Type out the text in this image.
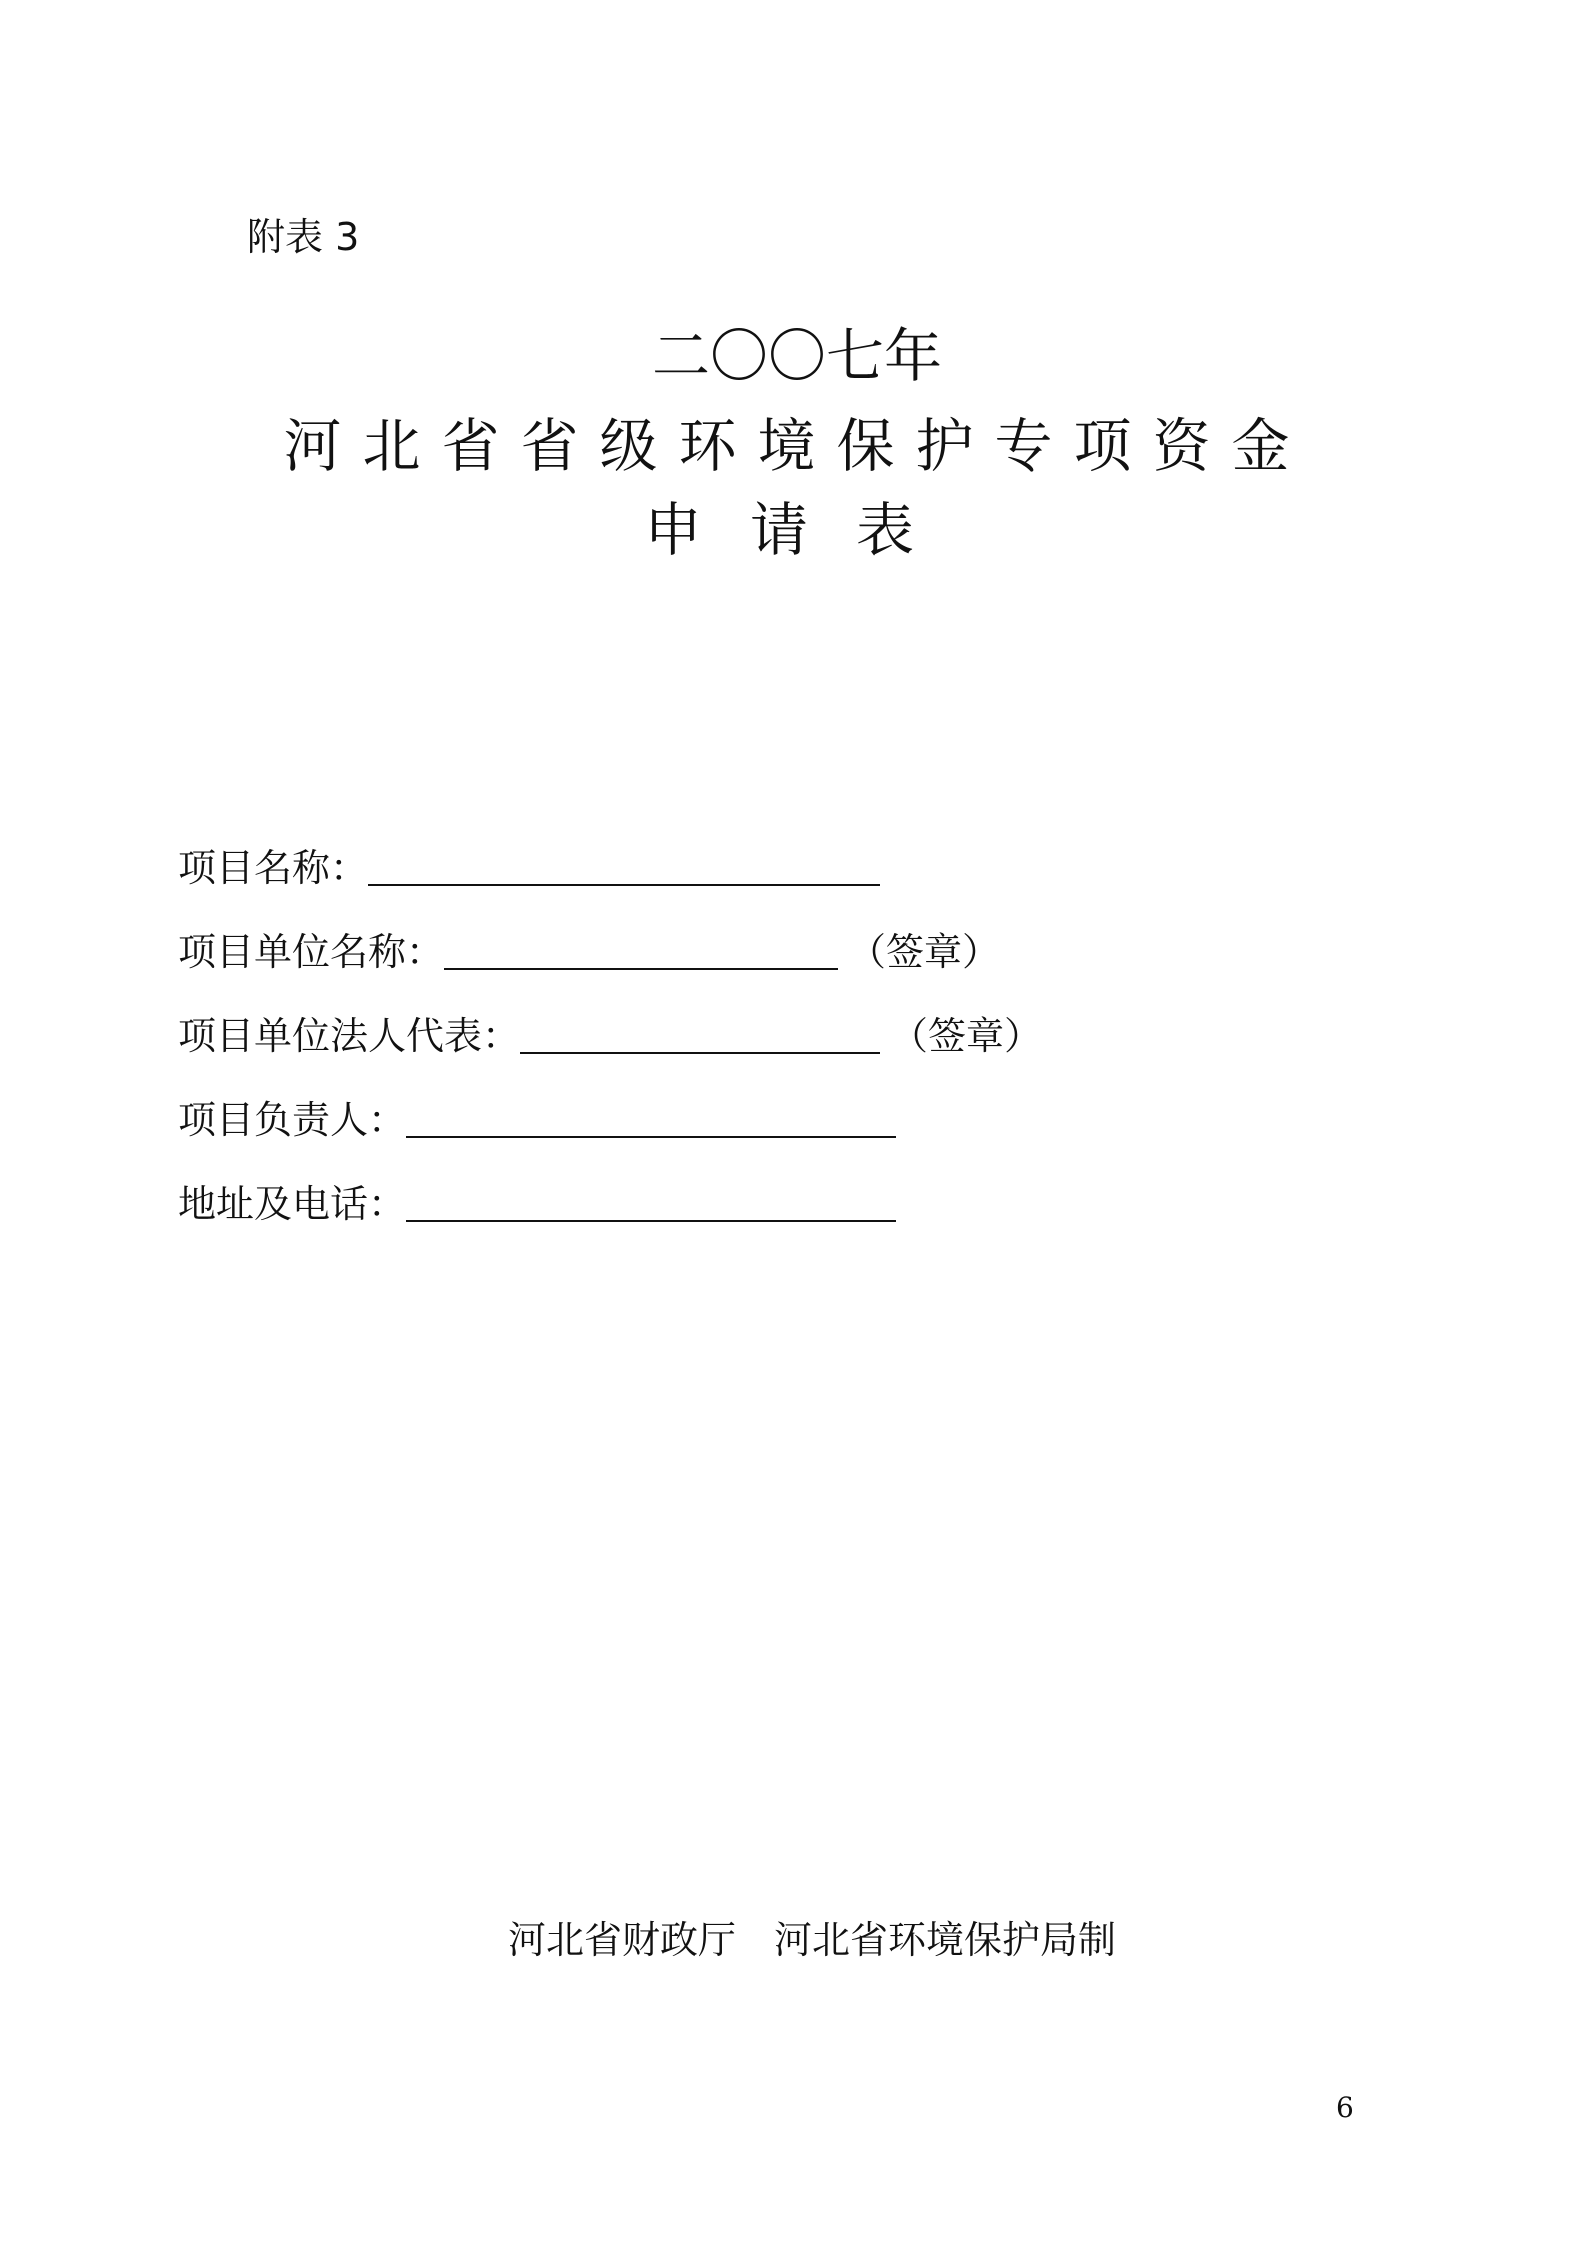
附表 3
二〇〇七年
河北省省级环境保护专项资金
申请表
项目名称：
项目单位名称：	（签章）
项目单位法人代表：	（签章）
项目负责人：
地址及电话：
河北省财政厅　河北省环境保护局制
6
